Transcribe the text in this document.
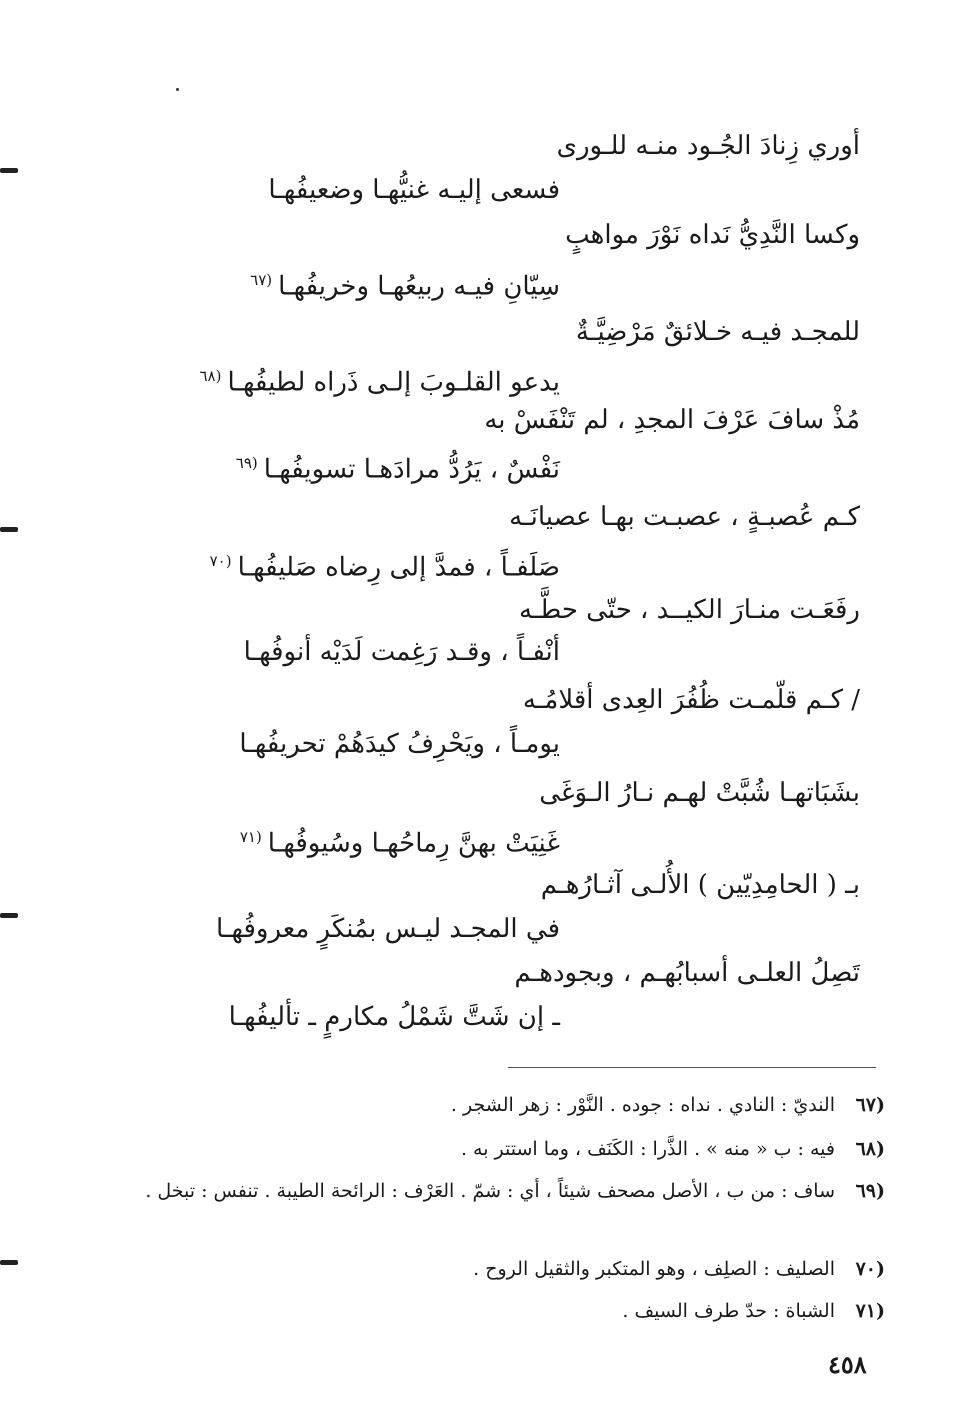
أوري زِنادَ الجُـود منـه للـورى
فسعى إليـه غنيُّهـا وضعيفُهـا
وكسا النَّدِيُّ نَداه نَوْرَ مواهبٍ
سِيّانِ فيـه ربيعُهـا وخريفُهـا$^{(٦٧}$
للمجـد فيـه خـلائقٌ مَرْضِيَّـةٌ
يدعو القلـوبَ إلـى ذَراه لطيفُهـا$^{(٦٨}$
مُذْ سافَ عَرْفَ المجدِ ، لم تَنْفَسْ به
نَفْسٌ ، يَرُدُّ مرادَهـا تسويفُهـا$^{(٦٩}$
كـم عُصبـةٍ ، عصبـت بهـا عصيانَـه
صَلَفـاً ، فمدَّ إلى رِضاه صَليفُهـا$^{(٧٠}$
رفَعَـت منـارَ الكيــد ، حتّى حطَّـه
أنْفـاً ، وقـد رَغِمت لَدَيْه أنوفُهـا
/ كـم قلّمـت ظُفُرَ العِدى أقلامُـه
يومـاً ، ويَحْرِفُ كيدَهُمْ تحريفُهـا
بشَبَاتهـا شُبَّتْ لهـم نـارُ الـوَغَى
غَنِيَتْ بهنَّ رِماحُهـا وسُيوفُهـا$^{(٧١}$
بـ ( الحامِدِيّين ) الأُلـى آثـارُهـم
في المجـد ليـس بمُنكَرٍ معروفُهـا
تَصِلُ العلـى أسبابُهـم ، وبجودهـم
ـ إن شَتَّ شَمْلُ مكارمٍ ـ تأليفُهـا
(٦٧النديّ : النادي . نداه : جوده . النَّوْر : زهر الشجر .
(٦٨فيه : ب « منه » . الذَّرا : الكَنَف ، وما استتر به .
(٦٩ساف : من ب ، الأصل مصحف شيئاً ، أي : شمّ . العَرْف : الرائحة الطيبة . تنفس : تبخل .
(٧٠الصليف : الصلِف ، وهو المتكبر والثقيل الروح .
(٧١الشباة : حدّ طرف السيف .
٤٥٨
